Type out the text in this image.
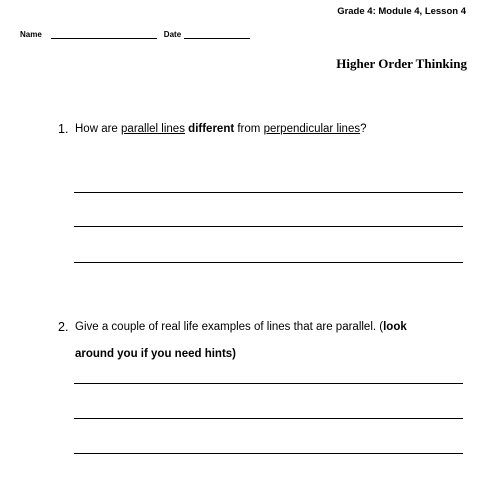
Grade 4: Module 4, Lesson 4
Name	Date
Higher Order Thinking
1. How are parallel lines different from perpendicular lines?
2. Give a couple of real life examples of lines that are parallel. (look
around you if you need hints)
